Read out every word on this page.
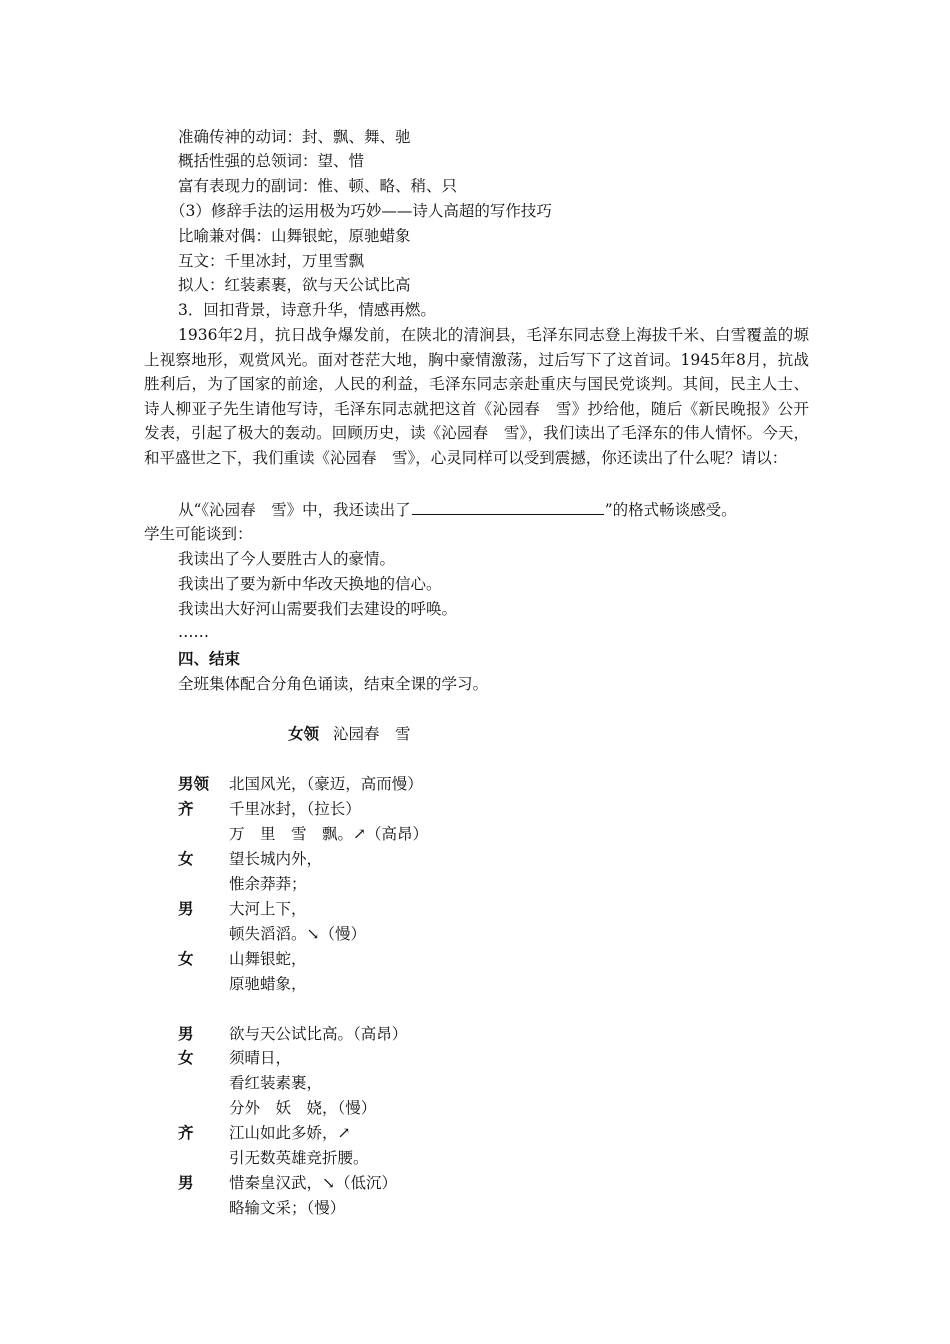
准确传神的动词：封、飘、舞、驰
概括性强的总领词：望、惜
富有表现力的副词：惟、顿、略、稍、只
（3）修辞手法的运用极为巧妙——诗人高超的写作技巧
比喻兼对偶：山舞银蛇，原驰蜡象
互文：千里冰封，万里雪飘
拟人：红装素裹，欲与天公试比高
3．回扣背景，诗意升华，情感再燃。
1936年2月，抗日战争爆发前，在陕北的清涧县，毛泽东同志登上海拔千米、白雪覆盖的塬上视察地形，观赏风光。面对苍茫大地，胸中豪情激荡，过后写下了这首词。1945年8月，抗战胜利后，为了国家的前途，人民的利益，毛泽东同志亲赴重庆与国民党谈判。其间，民主人士、诗人柳亚子先生请他写诗，毛泽东同志就把这首《沁园春　雪》抄给他，随后《新民晚报》公开发表，引起了极大的轰动。回顾历史，读《沁园春　雪》，我们读出了毛泽东的伟人情怀。今天，和平盛世之下，我们重读《沁园春　雪》，心灵同样可以受到震撼，你还读出了什么呢？请以：
从“《沁园春　雪》中，我还读出了	”的格式畅谈感受。
学生可能谈到：
我读出了今人要胜古人的豪情。
我读出了要为新中华改天换地的信心。
我读出大好河山需要我们去建设的呼唤。
……
四、结束
全班集体配合分角色诵读，结束全课的学习。
女领 沁园春　雪
男领 北国风光，（豪迈，高而慢）
齐 千里冰封，（拉长）
万　里　雪　飘。↗（高昂）
女 望长城内外，
惟余莽莽；
男 大河上下，
顿失滔滔。↘（慢）
女 山舞银蛇，
原驰蜡象，
男 欲与天公试比高。（高昂）
女 须晴日，
看红装素裹，
分外　妖　娆，（慢）
齐 江山如此多娇，↗
引无数英雄竞折腰。
男 惜秦皇汉武，↘（低沉）
略输文采；（慢）
